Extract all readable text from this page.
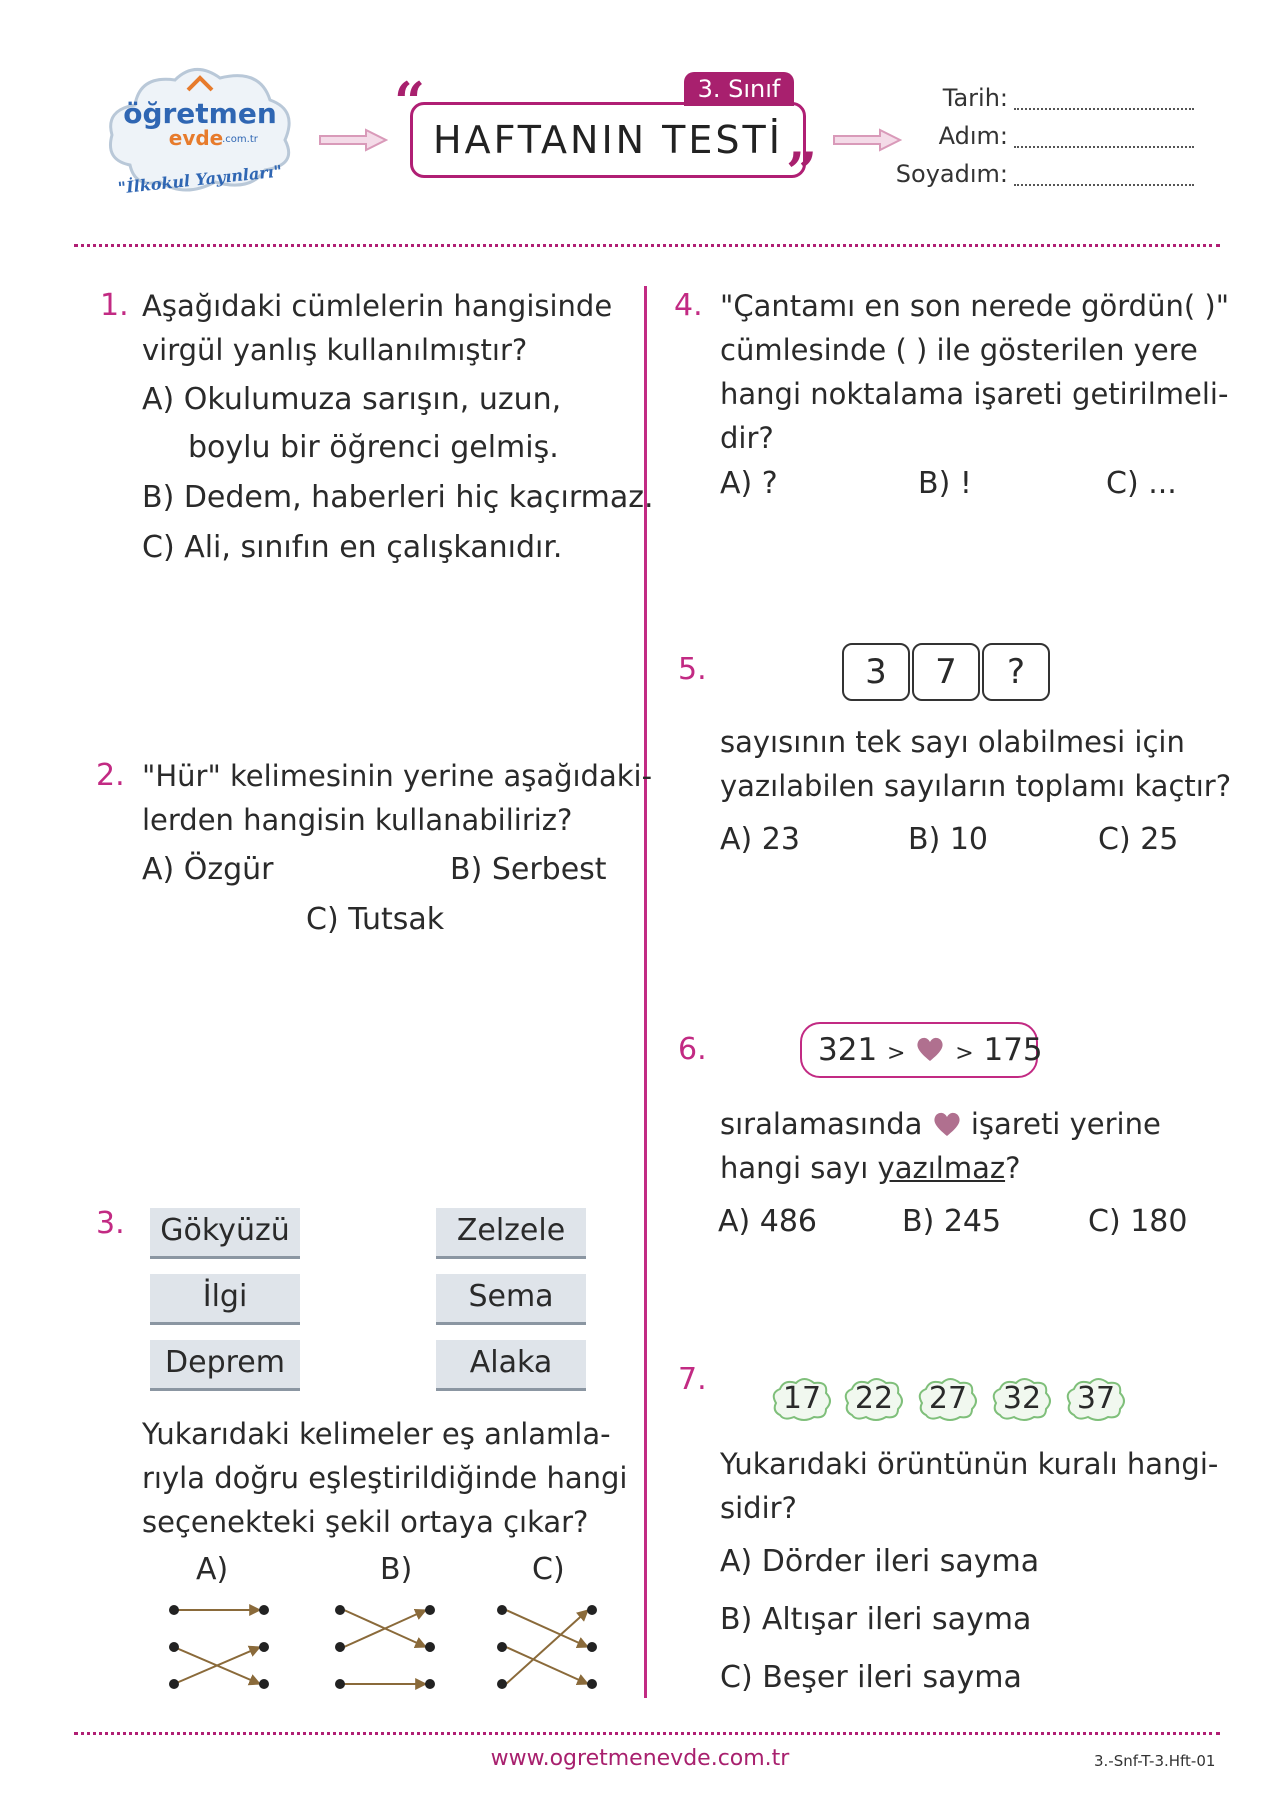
öğretmen
evde
.com.tr
"İlkokul Yayınları"
“
HAFTANIN TESTİ
3. Sınıf
”
Tarih:
Adım:
Soyadım:
1. Aşağıdaki cümlelerin hangisinde
virgül yanlış kullanılmıştır?
A) Okulumuza sarışın, uzun,
boylu bir öğrenci gelmiş.
B) Dedem, haberleri hiç kaçırmaz.
C) Ali, sınıfın en çalışkanıdır.
2. "Hür" kelimesinin yerine aşağıdaki-
lerden hangisin kullanabiliriz?
A) Özgür	B) Serbest
C) Tutsak
3.	Gökyüzü
İlgi
Deprem
Zelzele
Sema
Alaka
Yukarıdaki kelimeler eş anlamla-
rıyla doğru eşleştirildiğinde hangi
seçenekteki şekil ortaya çıkar?
A)	B)	C)
4. "Çantamı en son nerede gördün( )"
cümlesinde ( ) ile gösterilen yere
hangi noktalama işareti getirilmeli-
dir?
A) ?	B) !	C) ...
5.	3	7	?
sayısının tek sayı olabilmesi için
yazılabilen sayıların toplamı kaçtır?
A) 23	B) 10	C) 25
6.	321 > > 175
sıralamasında işareti yerine
hangi sayı yazılmaz?
A) 486	B) 245	C) 180
7.
17	22	27	32	37
Yukarıdaki örüntünün kuralı hangi-
sidir?
A) Dörder ileri sayma
B) Altışar ileri sayma
C) Beşer ileri sayma
www.ogretmenevde.com.tr	3.-Snf-T-3.Hft-01
